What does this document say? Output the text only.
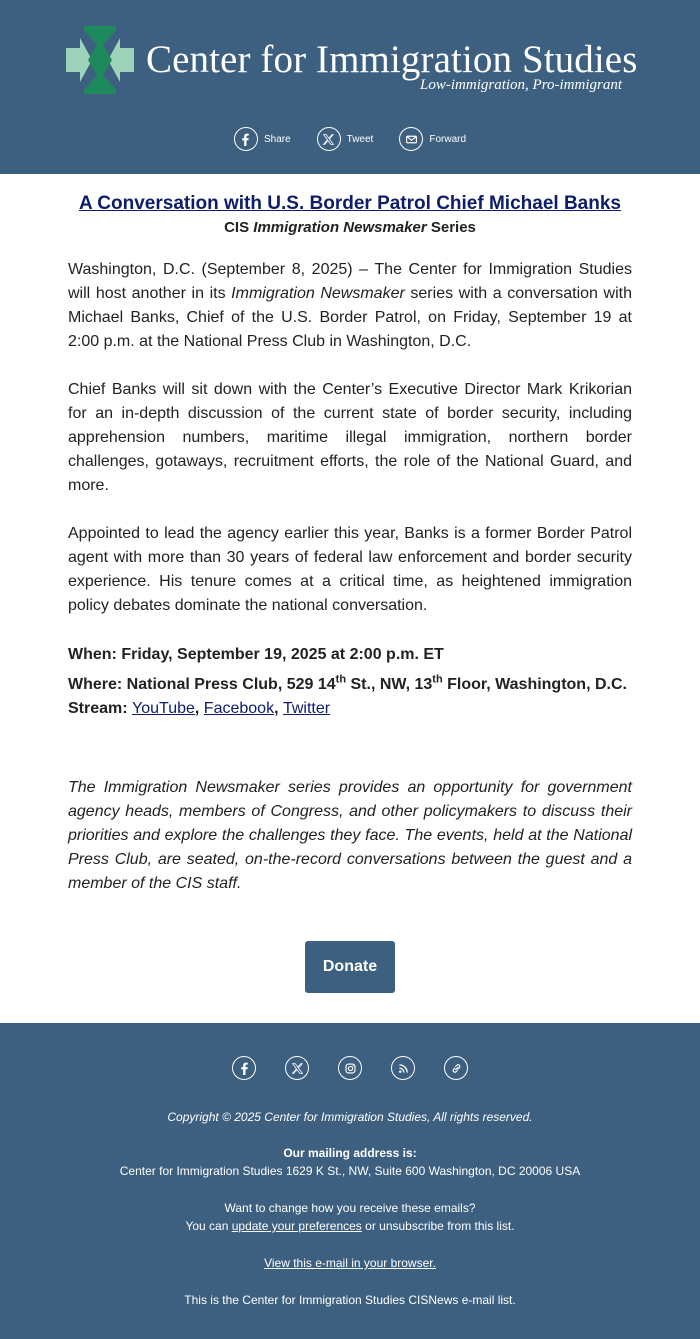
Center for Immigration Studies
Low-immigration, Pro-immigrant
Share	Tweet	Forward
A Conversation with U.S. Border Patrol Chief Michael Banks
CIS Immigration Newsmaker Series

Washington, D.C. (September 8, 2025) – The Center for Immigration Studies will host another in its Immigration Newsmaker series with a conversation with Michael Banks, Chief of the U.S. Border Patrol, on Friday, September 19 at 2:00 p.m. at the National Press Club in Washington, D.C.

Chief Banks will sit down with the Center’s Executive Director Mark Krikorian for an in-depth discussion of the current state of border security, including apprehension numbers, maritime illegal immigration, northern border challenges, gotaways, recruitment efforts, the role of the National Guard, and more.

Appointed to lead the agency earlier this year, Banks is a former Border Patrol agent with more than 30 years of federal law enforcement and border security experience. His tenure comes at a critical time, as heightened immigration policy debates dominate the national conversation.

When: Friday, September 19, 2025 at 2:00 p.m. ET
Where: National Press Club, 529 14th St., NW, 13th Floor, Washington, D.C.
Stream: YouTube, Facebook, Twitter

The Immigration Newsmaker series provides an opportunity for government agency heads, members of Congress, and other policymakers to discuss their priorities and explore the challenges they face. The events, held at the National Press Club, are seated, on-the-record conversations between the guest and a member of the CIS staff.

Donate
Copyright © 2025 Center for Immigration Studies, All rights reserved.
Our mailing address is:
Center for Immigration Studies 1629 K St., NW, Suite 600 Washington, DC 20006 USA
Want to change how you receive these emails?
You can update your preferences or unsubscribe from this list.
View this e-mail in your browser.
This is the Center for Immigration Studies CISNews e-mail list.
